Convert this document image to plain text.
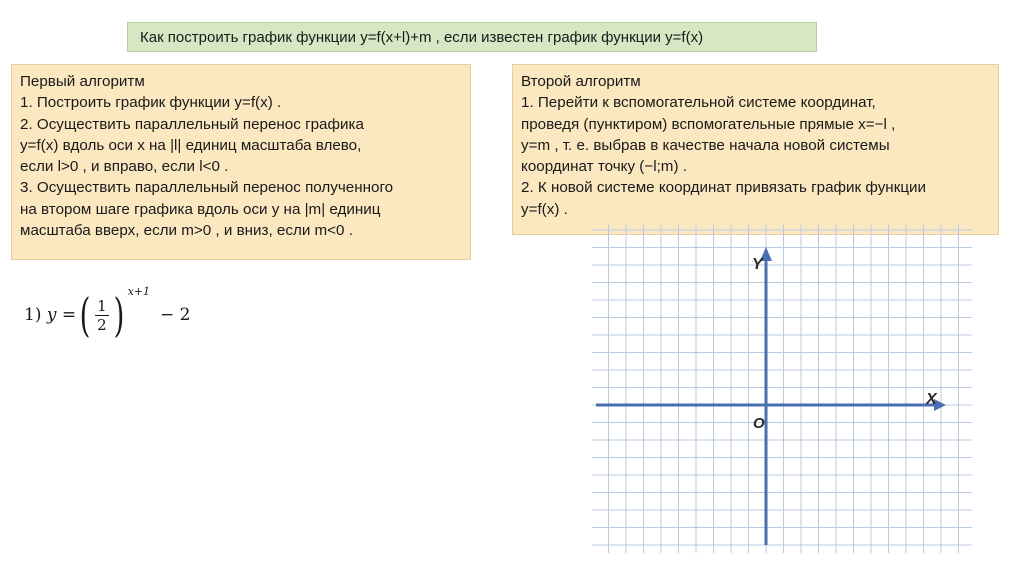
Как построить график функции y=f(x+l)+m , если известен график функции y=f(x)
Первый алгоритм
1. Построить график функции y=f(x) .
2. Осуществить параллельный перенос графика
y=f(x) вдоль оси x на |l| единиц масштаба влево,
если l>0 , и вправо, если l<0 .
3. Осуществить параллельный перенос полученного
на втором шаге графика вдоль оси y на |m| единиц
масштаба вверх, если m>0 , и вниз, если m<0 .
Второй алгоритм
1. Перейти к вспомогательной системе координат,
проведя (пунктиром) вспомогательные прямые x=−l ,
y=m , т. е. выбрав в качестве начала новой системы
координат точку (−l;m) .
2. К новой системе координат привязать график функции
y=f(x) .
1)
y
= ( $\frac{1}{2}$ ) x+1
− 2
Y
X
O
